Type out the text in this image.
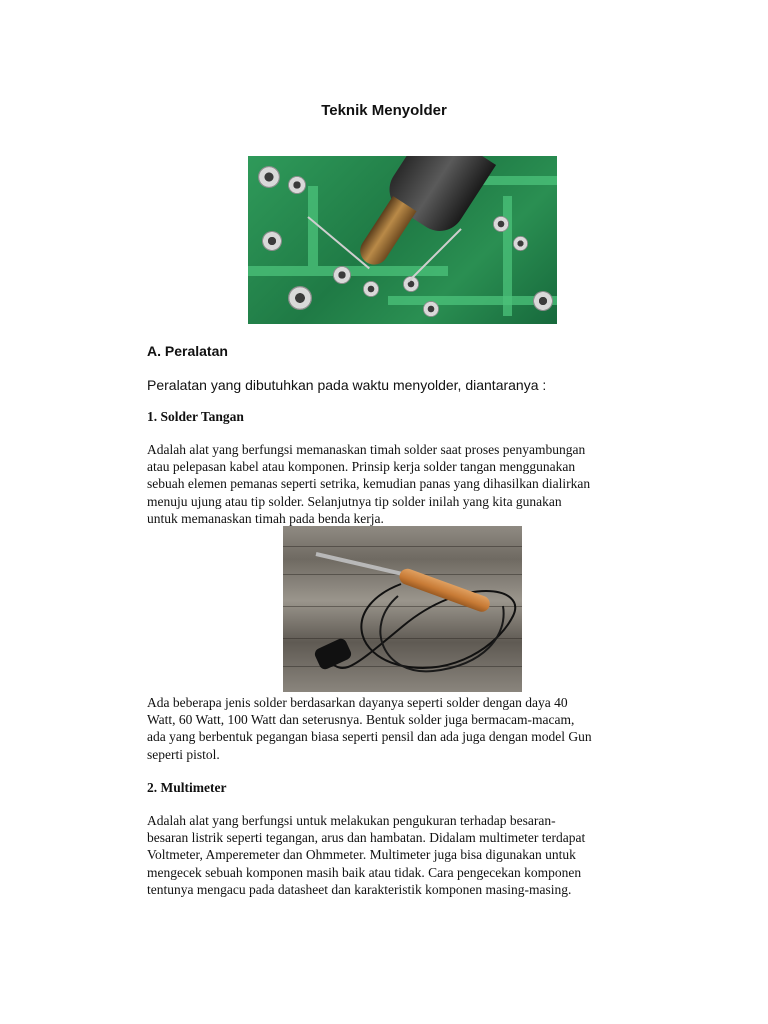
Teknik Menyolder
A. Peralatan
Peralatan yang dibutuhkan pada waktu menyolder, diantaranya :
1. Solder Tangan
Adalah alat yang berfungsi memanaskan timah solder saat proses penyambungan
atau pelepasan kabel atau komponen. Prinsip kerja solder tangan menggunakan
sebuah elemen pemanas seperti setrika, kemudian panas yang dihasilkan dialirkan
menuju ujung atau tip solder. Selanjutnya tip solder inilah yang kita gunakan
untuk memanaskan timah pada benda kerja.
Ada beberapa jenis solder berdasarkan dayanya seperti solder dengan daya 40
Watt, 60 Watt, 100 Watt dan seterusnya. Bentuk solder juga bermacam-macam,
ada yang berbentuk pegangan biasa seperti pensil dan ada juga dengan model Gun
seperti pistol.
2. Multimeter
Adalah alat yang berfungsi untuk melakukan pengukuran terhadap besaran-
besaran listrik seperti tegangan, arus dan hambatan. Didalam multimeter terdapat
Voltmeter, Amperemeter dan Ohmmeter. Multimeter juga bisa digunakan untuk
mengecek sebuah komponen masih baik atau tidak. Cara pengecekan komponen
tentunya mengacu pada datasheet dan karakteristik komponen masing-masing.
